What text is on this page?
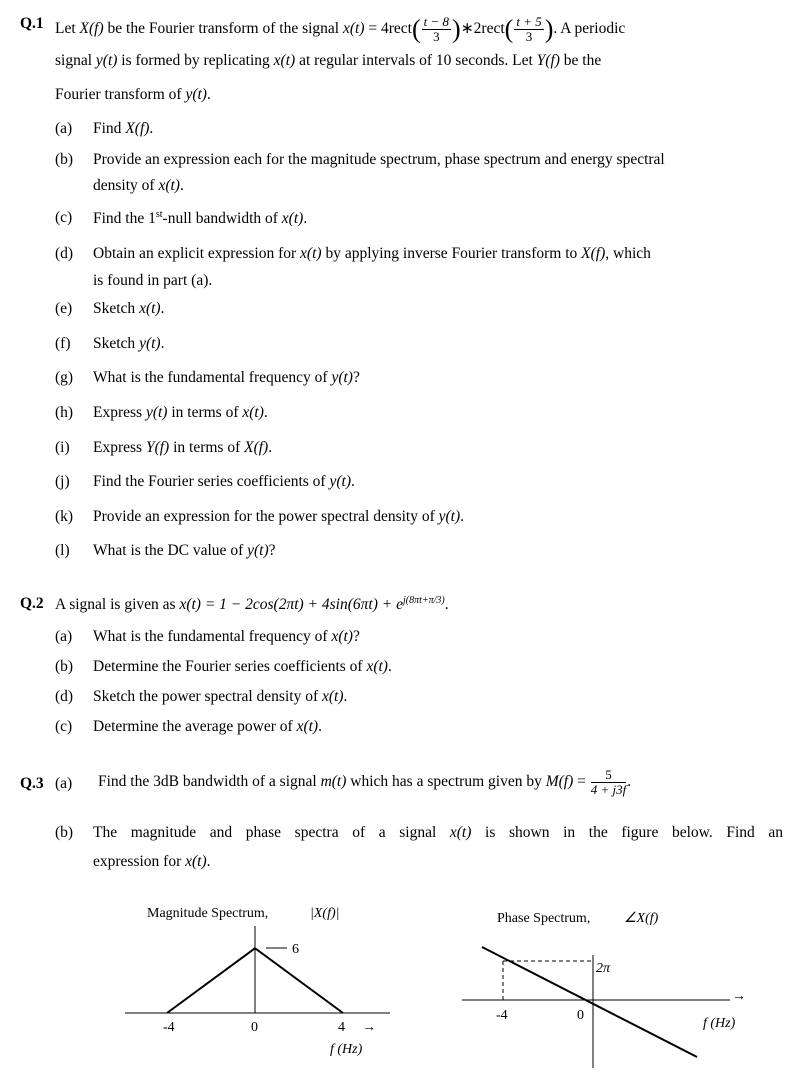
Q.1 Let X(f) be the Fourier transform of the signal x(t) = 4rect( $\frac{t - 8}{3}$ )∗2rect( $\frac{t + 5}{3}$ ). A periodic
signal y(t) is formed by replicating x(t) at regular intervals of 10 seconds. Let Y(f) be the
Fourier transform of y(t).
(a) Find X(f).
(b) Provide an expression each for the magnitude spectrum, phase spectrum and energy spectral
density of x(t).
(c) Find the 1st-null bandwidth of x(t).
(d) Obtain an explicit expression for x(t) by applying inverse Fourier transform to X(f), which
is found in part (a).
(e) Sketch x(t).
(f) Sketch y(t).
(g) What is the fundamental frequency of y(t)?
(h) Express y(t) in terms of x(t).
(i) Express Y(f) in terms of X(f).
(j) Find the Fourier series coefficients of y(t).
(k) Provide an expression for the power spectral density of y(t).
(l) What is the DC value of y(t)?
Q.2 A signal is given as $x(t) = 1 - 2\cos(2\pi t) + 4\sin(6\pi t) + e^{j(8\pi t+\pi/3)}$.
(a) What is the fundamental frequency of x(t)?
(b) Determine the Fourier series coefficients of x(t).
(d) Sketch the power spectral density of x(t).
(c) Determine the average power of x(t).
Q.3 (a) Find the 3dB bandwidth of a signal m(t) which has a spectrum given by $M(f) = \frac{5}{4 + j3f}$ .
(b) The magnitude and phase spectra of a signal x(t) is shown in the figure below. Find an
expression for x(t).
Magnitude Spectrum,	|X(f)|
6
-4	0	4 →
f (Hz)
Phase Spectrum, ∠X(f)
2π
-4	0
→
f (Hz)
